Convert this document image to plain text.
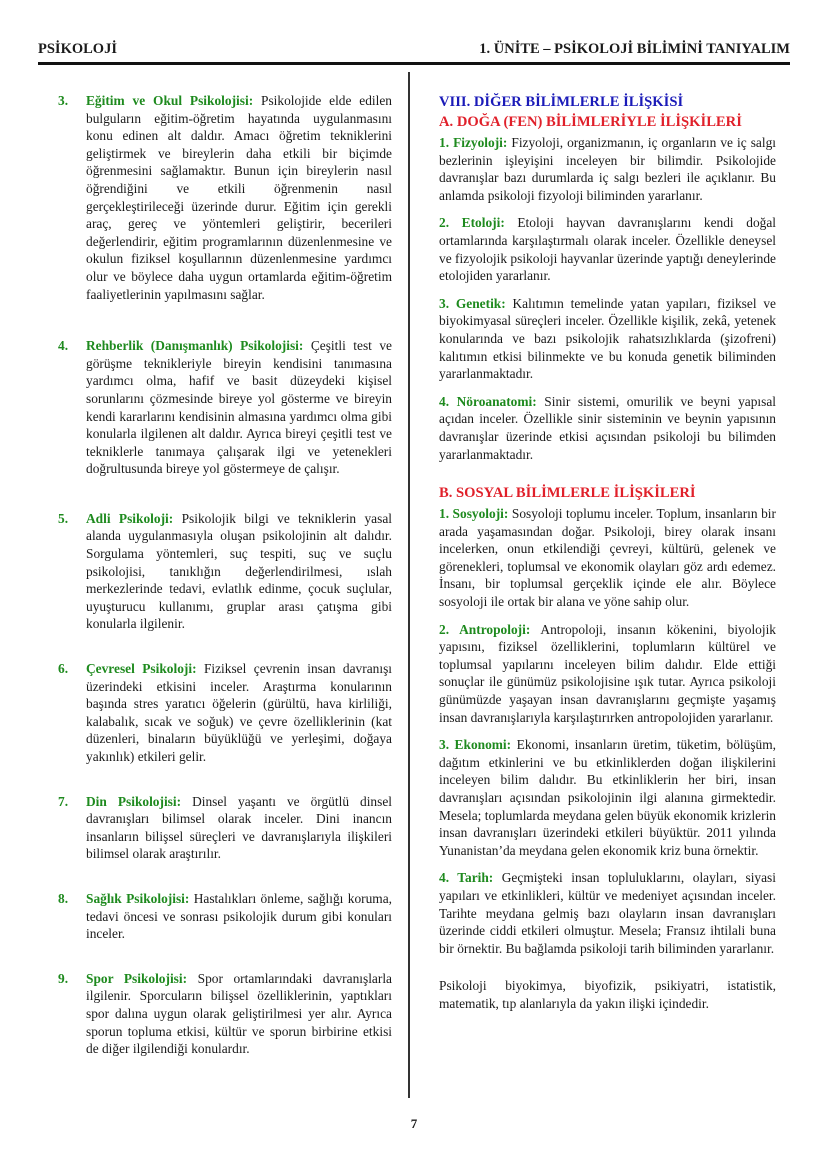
PSİKOLOJİ	1. ÜNİTE – PSİKOLOJİ BİLİMİNİ TANIYALIM
3.	Eğitim ve Okul Psikolojisi: Psikolojide elde edilen bulguların eğitim-öğretim hayatında uygulanmasını konu edinen alt daldır. Amacı öğretim tekniklerini geliştirmek ve bireylerin daha etkili bir biçimde öğrenmesini sağlamaktır. Bunun için bireylerin nasıl öğrendiğini ve etkili öğrenmenin nasıl gerçekleştirileceği üzerinde durur. Eğitim için gerekli araç, gereç ve yöntemleri geliştirir, becerileri değerlendirir, eğitim programlarının düzenlenmesine ve okulun fiziksel koşullarının düzenlenmesine yardımcı olur ve böylece daha uygun ortamlarda eğitim-öğretim faaliyetlerinin yapılmasını sağlar.
4.	Rehberlik (Danışmanlık) Psikolojisi: Çeşitli test ve görüşme teknikleriyle bireyin kendisini tanımasına yardımcı olma, hafif ve basit düzeydeki kişisel sorunlarını çözmesinde bireye yol gösterme ve bireyin kendi kararlarını kendisinin almasına yardımcı olma gibi konularla ilgilenen alt daldır. Ayrıca bireyi çeşitli test ve tekniklerle tanımaya çalışarak ilgi ve yetenekleri doğrultusunda bireye yol göstermeye de çalışır.
5.	Adli Psikoloji: Psikolojik bilgi ve tekniklerin yasal alanda uygulanmasıyla oluşan psikolojinin alt dalıdır. Sorgulama yöntemleri, suç tespiti, suç ve suçlu psikolojisi, tanıklığın değerlendirilmesi, ıslah merkezlerinde tedavi, evlatlık edinme, çocuk suçlular, uyuşturucu kullanımı, gruplar arası çatışma gibi konularla ilgilenir.
6.	Çevresel Psikoloji: Fiziksel çevrenin insan davranışı üzerindeki etkisini inceler. Araştırma konularının başında stres yaratıcı öğelerin (gürültü, hava kirliliği, kalabalık, sıcak ve soğuk) ve çevre özelliklerinin (kat düzenleri, binaların büyüklüğü ve yerleşimi, doğaya yakınlık) etkileri gelir.
7.	Din Psikolojisi: Dinsel yaşantı ve örgütlü dinsel davranışları bilimsel olarak inceler. Dini inancın insanların bilişsel süreçleri ve davranışlarıyla ilişkileri bilimsel olarak araştırılır.
8.	Sağlık Psikolojisi: Hastalıkları önleme, sağlığı koruma, tedavi öncesi ve sonrası psikolojik durum gibi konuları inceler.
9.	Spor Psikolojisi: Spor ortamlarındaki davranışlarla ilgilenir. Sporcuların bilişsel özelliklerinin, yaptıkları spor dalına uygun olarak geliştirilmesi yer alır. Ayrıca sporun topluma etkisi, kültür ve sporun birbirine etkisi de diğer ilgilendiği konulardır.
VIII. DİĞER BİLİMLERLE İLİŞKİSİ
A. DOĞA (FEN) BİLİMLERİYLE İLİŞKİLERİ

1. Fizyoloji: Fizyoloji, organizmanın, iç organların ve iç salgı bezlerinin işleyişini inceleyen bir bilimdir. Psikolojide davranışlar bazı durumlarda iç salgı bezleri ile açıklanır. Bu anlamda psikoloji fizyoloji biliminden yararlanır.

2. Etoloji: Etoloji hayvan davranışlarını kendi doğal ortamlarında karşılaştırmalı olarak inceler. Özellikle deneysel ve fizyolojik psikoloji hayvanlar üzerinde yaptığı deneylerinde etolojiden yararlanır.

3. Genetik: Kalıtımın temelinde yatan yapıları, fiziksel ve biyokimyasal süreçleri inceler. Özellikle kişilik, zekâ, yetenek konularında ve bazı psikolojik rahatsızlıklarda (şizofreni) kalıtımın etkisi bilinmekte ve bu konuda genetik biliminden yararlanmaktadır.

4. Nöroanatomi: Sinir sistemi, omurilik ve beyni yapısal açıdan inceler. Özellikle sinir sisteminin ve beynin yapısının davranışlar üzerinde etkisi açısından psikoloji bu bilimden yararlanmaktadır.

B. SOSYAL BİLİMLERLE İLİŞKİLERİ

1. Sosyoloji: Sosyoloji toplumu inceler. Toplum, insanların bir arada yaşamasından doğar. Psikoloji, birey olarak insanı incelerken, onun etkilendiği çevreyi, kültürü, gelenek ve görenekleri, toplumsal ve ekonomik olayları göz ardı edemez. İnsanı, bir toplumsal gerçeklik içinde ele alır. Böylece sosyoloji ile ortak bir alana ve yöne sahip olur.

2. Antropoloji: Antropoloji, insanın kökenini, biyolojik yapısını, fiziksel özelliklerini, toplumların kültürel ve toplumsal yapılarını inceleyen bilim dalıdır. Elde ettiği sonuçlar ile günümüz psikolojisine ışık tutar. Ayrıca psikoloji günümüzde yaşayan insan davranışlarını geçmişte yaşamış insan davranışlarıyla karşılaştırırken antropolojiden yararlanır.

3. Ekonomi: Ekonomi, insanların üretim, tüketim, bölüşüm, dağıtım etkinlerini ve bu etkinliklerden doğan ilişkilerini inceleyen bilim dalıdır. Bu etkinliklerin her biri, insan davranışları açısından psikolojinin ilgi alanına girmektedir. Mesela; toplumlarda meydana gelen büyük ekonomik krizlerin insan davranışları üzerindeki etkileri büyüktür. 2011 yılında Yunanistan’da meydana gelen ekonomik kriz buna örnektir.

4. Tarih: Geçmişteki insan topluluklarını, olayları, siyasi yapıları ve etkinlikleri, kültür ve medeniyet açısından inceler. Tarihte meydana gelmiş bazı olayların insan davranışları üzerinde ciddi etkileri olmuştur. Mesela; Fransız ihtilali buna bir örnektir. Bu bağlamda psikoloji tarih biliminden yararlanır.

Psikoloji biyokimya, biyofizik, psikiyatri, istatistik, matematik, tıp alanlarıyla da yakın ilişki içindedir.

7
